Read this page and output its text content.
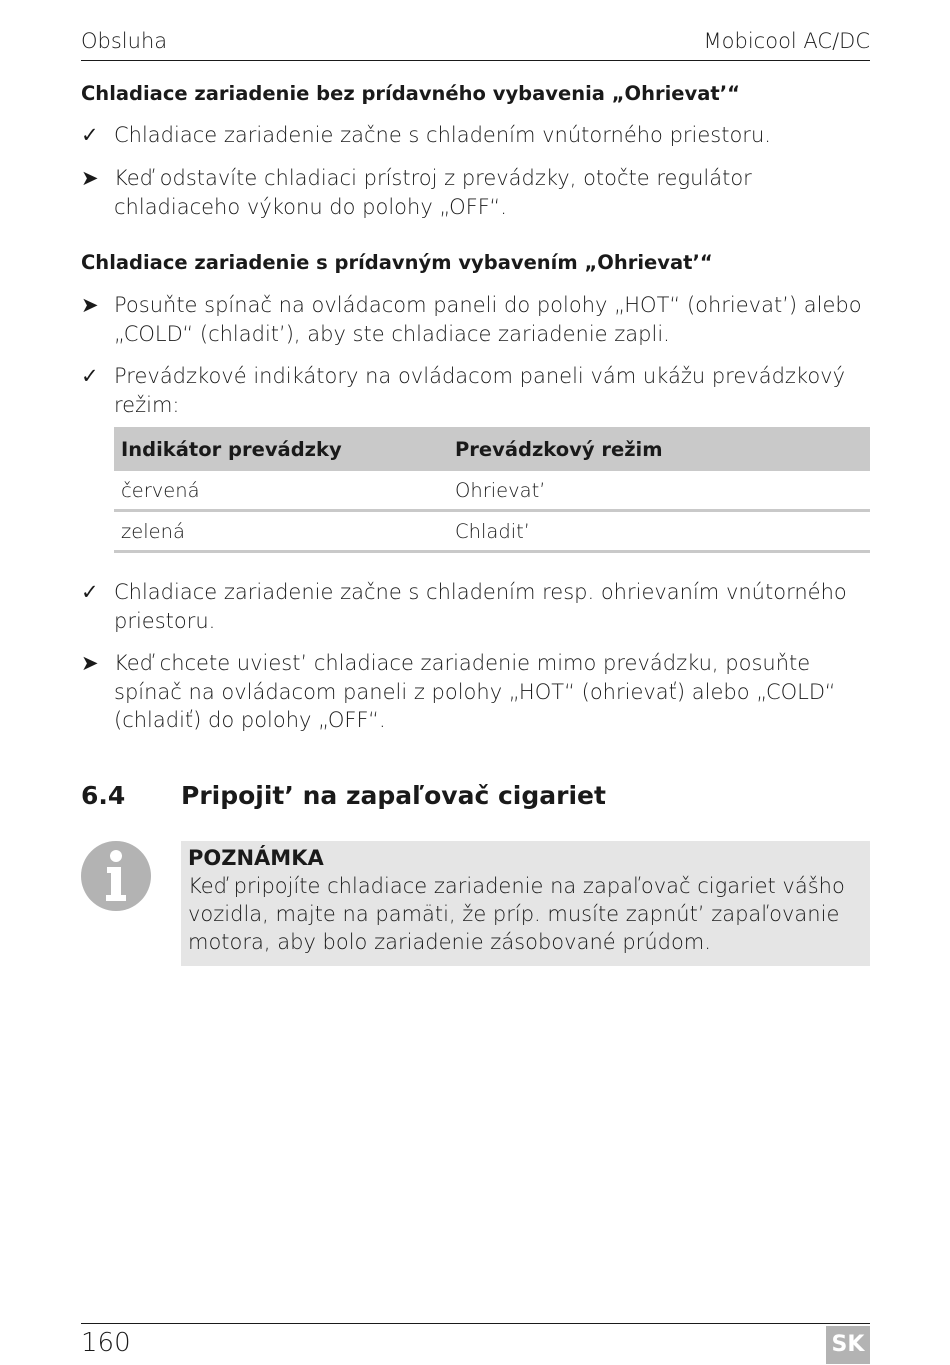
Obsluha	Mobicool AC/DC
Chladiace zariadenie bez prídavného vybavenia „Ohrievat’“
✓ Chladiace zariadenie začne s chladením vnútorného priestoru.
➤ Keď odstavíte chladiaci prístroj z prevádzky, otočte regulátor chladiaceho výkonu do polohy „OFF“.
Chladiace zariadenie s prídavným vybavením „Ohrievat’“
➤ Posuňte spínač na ovládacom paneli do polohy „HOT“ (ohrievat’) alebo „COLD“ (chladit’), aby ste chladiace zariadenie zapli.
✓ Prevádzkové indikátory na ovládacom paneli vám ukážu prevádzkový režim:
Indikátor prevádzky	Prevádzkový režim
červená	Ohrievat’
zelená	Chladit’
✓ Chladiace zariadenie začne s chladením resp. ohrievaním vnútorného priestoru.
➤ Keď chcete uviest’ chladiace zariadenie mimo prevádzku, posuňte spínač na ovládacom paneli z polohy „HOT“ (ohrievať) alebo „COLD“ (chladiť) do polohy „OFF“.
6.4 Pripojit’ na zapaľovač cigariet
POZNÁMKA
Keď pripojíte chladiace zariadenie na zapaľovač cigariet vášho vozidla, majte na pamäti, že príp. musíte zapnút’ zapaľovanie motora, aby bolo zariadenie zásobované prúdom.
160	SK
